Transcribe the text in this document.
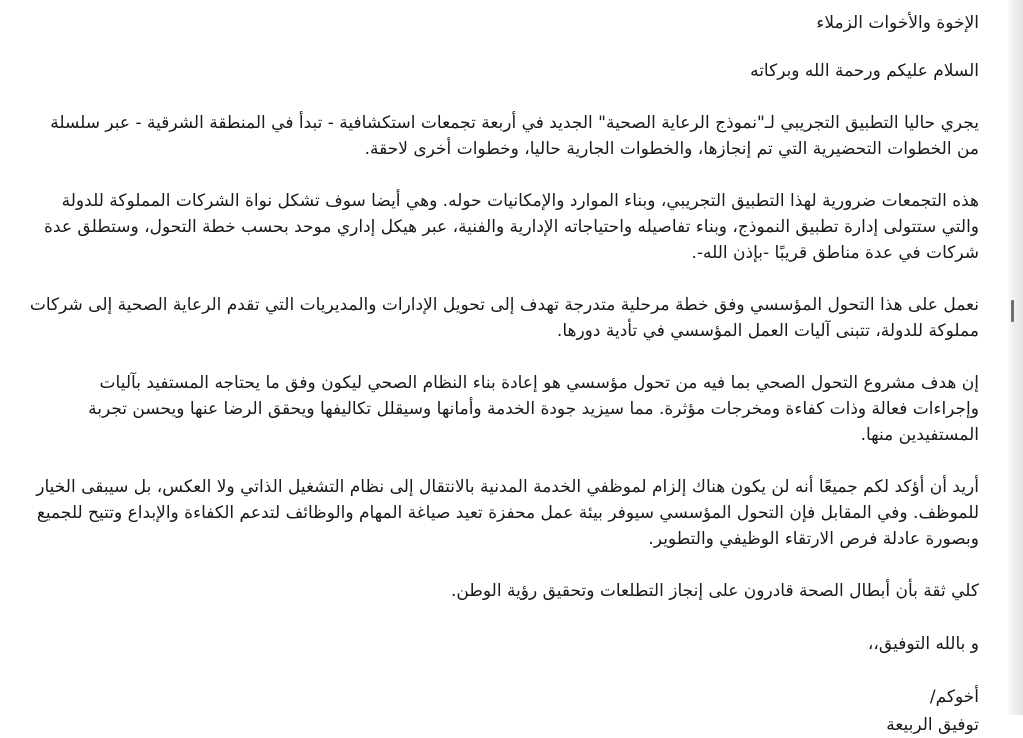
الإخوة والأخوات الزملاء

السلام عليكم ورحمة الله وبركاته

يجري حاليا التطبيق التجريبي لـ"نموذج الرعاية الصحية" الجديد في أربعة تجمعات استكشافية - تبدأ في المنطقة الشرقية - عبر سلسلة من الخطوات التحضيرية التي تم إنجازها، والخطوات الجارية حاليا، وخطوات أخرى لاحقة.

هذه التجمعات ضرورية لهذا التطبيق التجريبي، وبناء الموارد والإمكانيات حوله. وهي أيضا سوف تشكل نواة الشركات المملوكة للدولة والتي ستتولى إدارة تطبيق النموذج، وبناء تفاصيله واحتياجاته الإدارية والفنية، عبر هيكل إداري موحد بحسب خطة التحول، وستطلق عدة شركات في عدة مناطق قريبًا -بإذن الله-.

نعمل على هذا التحول المؤسسي وفق خطة مرحلية متدرجة تهدف إلى تحويل الإدارات والمديريات التي تقدم الرعاية الصحية إلى شركات مملوكة للدولة، تتبنى آليات العمل المؤسسي في تأدية دورها.

إن هدف مشروع التحول الصحي بما فيه من تحول مؤسسي هو إعادة بناء النظام الصحي ليكون وفق ما يحتاجه المستفيد بآليات وإجراءات فعالة وذات كفاءة ومخرجات مؤثرة. مما سيزيد جودة الخدمة وأمانها وسيقلل تكاليفها ويحقق الرضا عنها ويحسن تجربة المستفيدين منها.

أريد أن أؤكد لكم جميعًا أنه لن يكون هناك إلزام لموظفي الخدمة المدنية بالانتقال إلى نظام التشغيل الذاتي ولا العكس، بل سيبقى الخيار للموظف. وفي المقابل فإن التحول المؤسسي سيوفر بيئة عمل محفزة تعيد صياغة المهام والوظائف لتدعم الكفاءة والإبداع وتتيح للجميع وبصورة عادلة فرص الارتقاء الوظيفي والتطوير.

كلي ثقة بأن أبطال الصحة قادرون على إنجاز التطلعات وتحقيق رؤية الوطن.

و بالله التوفيق،،

أخوكم/

توفيق الربيعة
